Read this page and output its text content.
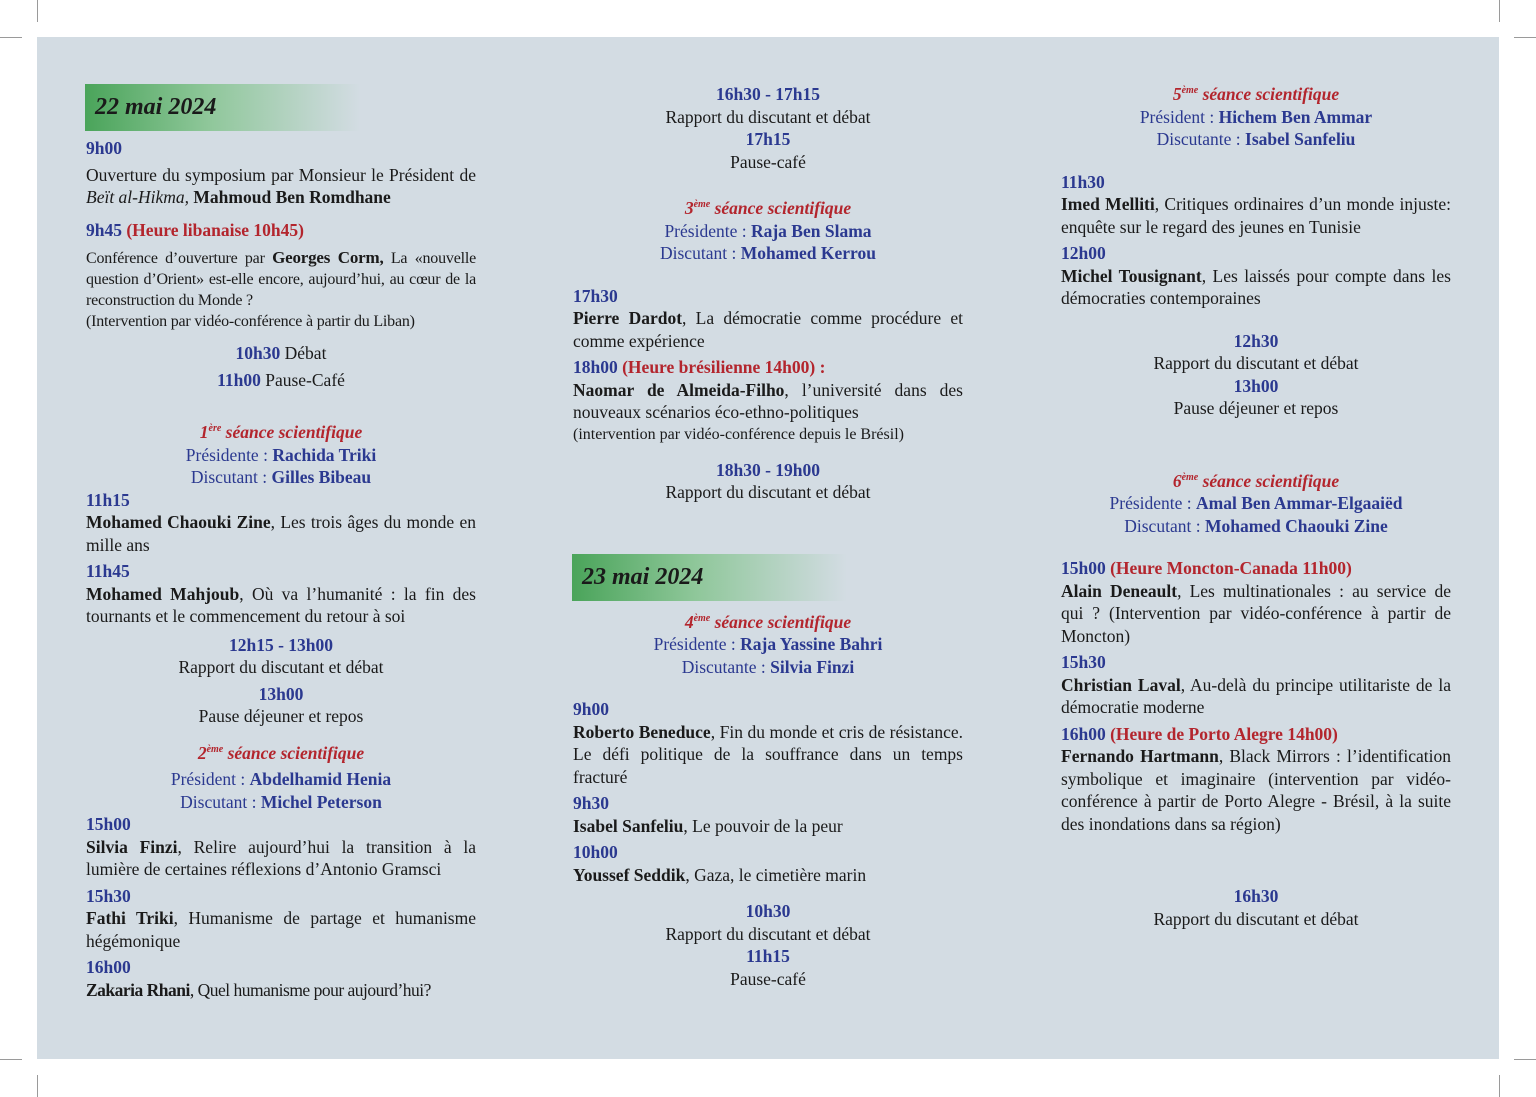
22 mai 2024
9h00
Ouverture du symposium par Monsieur le Président de Beït al-Hikma, Mahmoud Ben Romdhane
9h45 (Heure libanaise 10h45)
Conférence d’ouverture par Georges Corm, La «nouvelle question d’Orient» est-elle encore, aujourd’hui, au cœur de la reconstruction du Monde ?
(Intervention par vidéo-conférence à partir du Liban)
10h30 Débat
11h00 Pause-Café
1ère séance scientifique
Présidente : Rachida Triki
Discutant : Gilles Bibeau
11h15
Mohamed Chaouki Zine, Les trois âges du monde en mille ans
11h45
Mohamed Mahjoub, Où va l’humanité : la fin des tournants et le commencement du retour à soi
12h15 - 13h00
Rapport du discutant et débat
13h00
Pause déjeuner et repos
2ème séance scientifique
Président : Abdelhamid Henia
Discutant : Michel Peterson
15h00
Silvia Finzi, Relire aujourd’hui la transition à la lumière de certaines réflexions d’Antonio Gramsci
15h30
Fathi Triki, Humanisme de partage et humanisme hégémonique
16h00
Zakaria Rhani, Quel humanisme pour aujourd’hui?
16h30 - 17h15
Rapport du discutant et débat
17h15
Pause-café
3ème séance scientifique
Présidente : Raja Ben Slama
Discutant : Mohamed Kerrou
17h30
Pierre Dardot, La démocratie comme procédure et comme expérience
18h00 (Heure brésilienne 14h00) :
Naomar de Almeida-Filho, l’université dans des nouveaux scénarios éco-ethno-politiques
(intervention par vidéo-conférence depuis le Brésil)
18h30 - 19h00
Rapport du discutant et débat
23 mai 2024
4ème séance scientifique
Présidente : Raja Yassine Bahri
Discutante : Silvia Finzi
9h00
Roberto Beneduce, Fin du monde et cris de résistance. Le défi politique de la souffrance dans un temps fracturé
9h30
Isabel Sanfeliu, Le pouvoir de la peur
10h00
Youssef Seddik, Gaza, le cimetière marin
10h30
Rapport du discutant et débat
11h15
Pause-café
5ème séance scientifique
Président : Hichem Ben Ammar
Discutante : Isabel Sanfeliu
11h30
Imed Melliti, Critiques ordinaires d’un monde injuste: enquête sur le regard des jeunes en Tunisie
12h00
Michel Tousignant, Les laissés pour compte dans les démocraties contemporaines
12h30
Rapport du discutant et débat
13h00
Pause déjeuner et repos
6ème séance scientifique
Présidente : Amal Ben Ammar-Elgaaiëd
Discutant : Mohamed Chaouki Zine
15h00 (Heure Moncton-Canada 11h00)
Alain Deneault, Les multinationales : au service de qui ? (Intervention par vidéo-conférence à partir de Moncton)
15h30
Christian Laval, Au-delà du principe utilitariste de la démocratie moderne
16h00 (Heure de Porto Alegre 14h00)
Fernando Hartmann, Black Mirrors : l’identification symbolique et imaginaire (intervention par vidéo-conférence à partir de Porto Alegre - Brésil, à la suite des inondations dans sa région)
16h30
Rapport du discutant et débat
